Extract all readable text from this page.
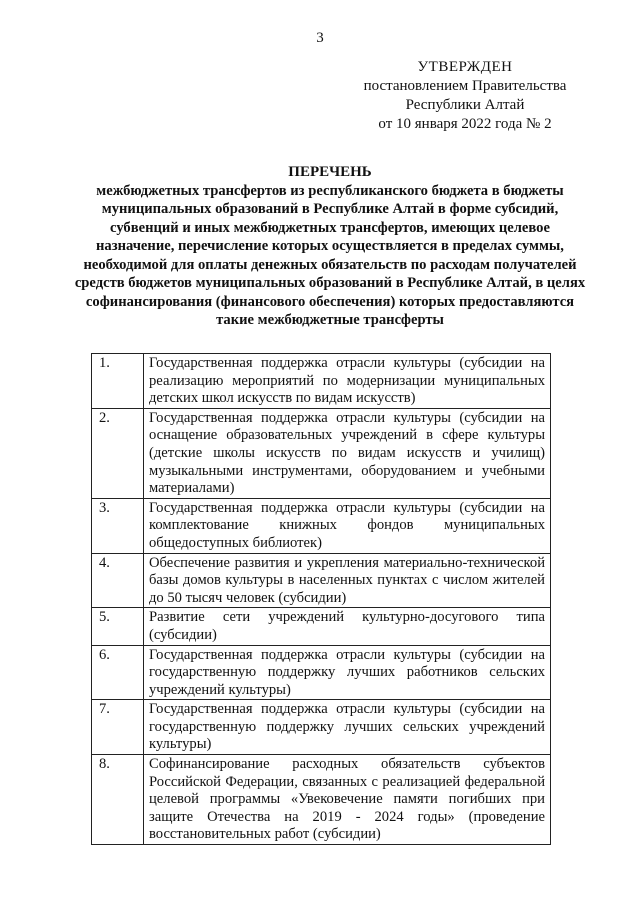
3
УТВЕРЖДЕН
постановлением Правительства
Республики Алтай
от 10 января 2022 года № 2
ПЕРЕЧЕНЬ
межбюджетных трансфертов из республиканского бюджета в бюджеты муниципальных образований в Республике Алтай в форме субсидий, субвенций и иных межбюджетных трансфертов, имеющих целевое назначение, перечисление которых осуществляется в пределах суммы, необходимой для оплаты денежных обязательств по расходам получателей средств бюджетов муниципальных образований в Республике Алтай, в целях софинансирования (финансового обеспечения) которых предоставляются такие межбюджетные трансферты
1.	Государственная поддержка отрасли культуры (субсидии на реализацию мероприятий по модернизации муниципальных детских школ искусств по видам искусств)
2.	Государственная поддержка отрасли культуры (субсидии на оснащение образовательных учреждений в сфере культуры (детские школы искусств по видам искусств и училищ) музыкальными инструментами, оборудованием и учебными материалами)
3.	Государственная поддержка отрасли культуры (субсидии на комплектование книжных фондов муниципальных общедоступных библиотек)
4.	Обеспечение развития и укрепления материально-технической базы домов культуры в населенных пунктах с числом жителей до 50 тысяч человек (субсидии)
5.	Развитие сети учреждений культурно-досугового типа (субсидии)
6.	Государственная поддержка отрасли культуры (субсидии на государственную поддержку лучших работников сельских учреждений культуры)
7.	Государственная поддержка отрасли культуры (субсидии на государственную поддержку лучших сельских учреждений культуры)
8.	Софинансирование расходных обязательств субъектов Российской Федерации, связанных с реализацией федеральной целевой программы «Увековечение памяти погибших при защите Отечества на 2019 - 2024 годы» (проведение восстановительных работ (субсидии)
